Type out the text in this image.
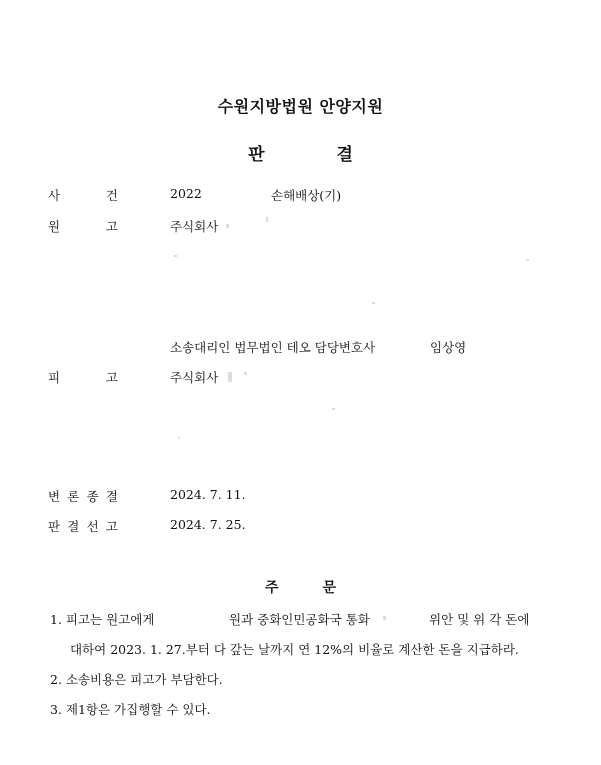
수원지방법원 안양지원
판	결
사	건	2022	손해배상(기)
원	고	주식회사
소송대리인 법무법인 테오 담당변호사	임상영
피	고	주식회사
변 론 종 결	2024. 7. 11.
판 결 선 고	2024. 7. 25.
주	문
1. 피고는 원고에게	원과 중화인민공화국 통화	위안 및 위 각 돈에
대하여 2023. 1. 27.부터 다 갚는 날까지 연 12%의 비율로 계산한 돈을 지급하라.
2. 소송비용은 피고가 부담한다.
3. 제1항은 가집행할 수 있다.
